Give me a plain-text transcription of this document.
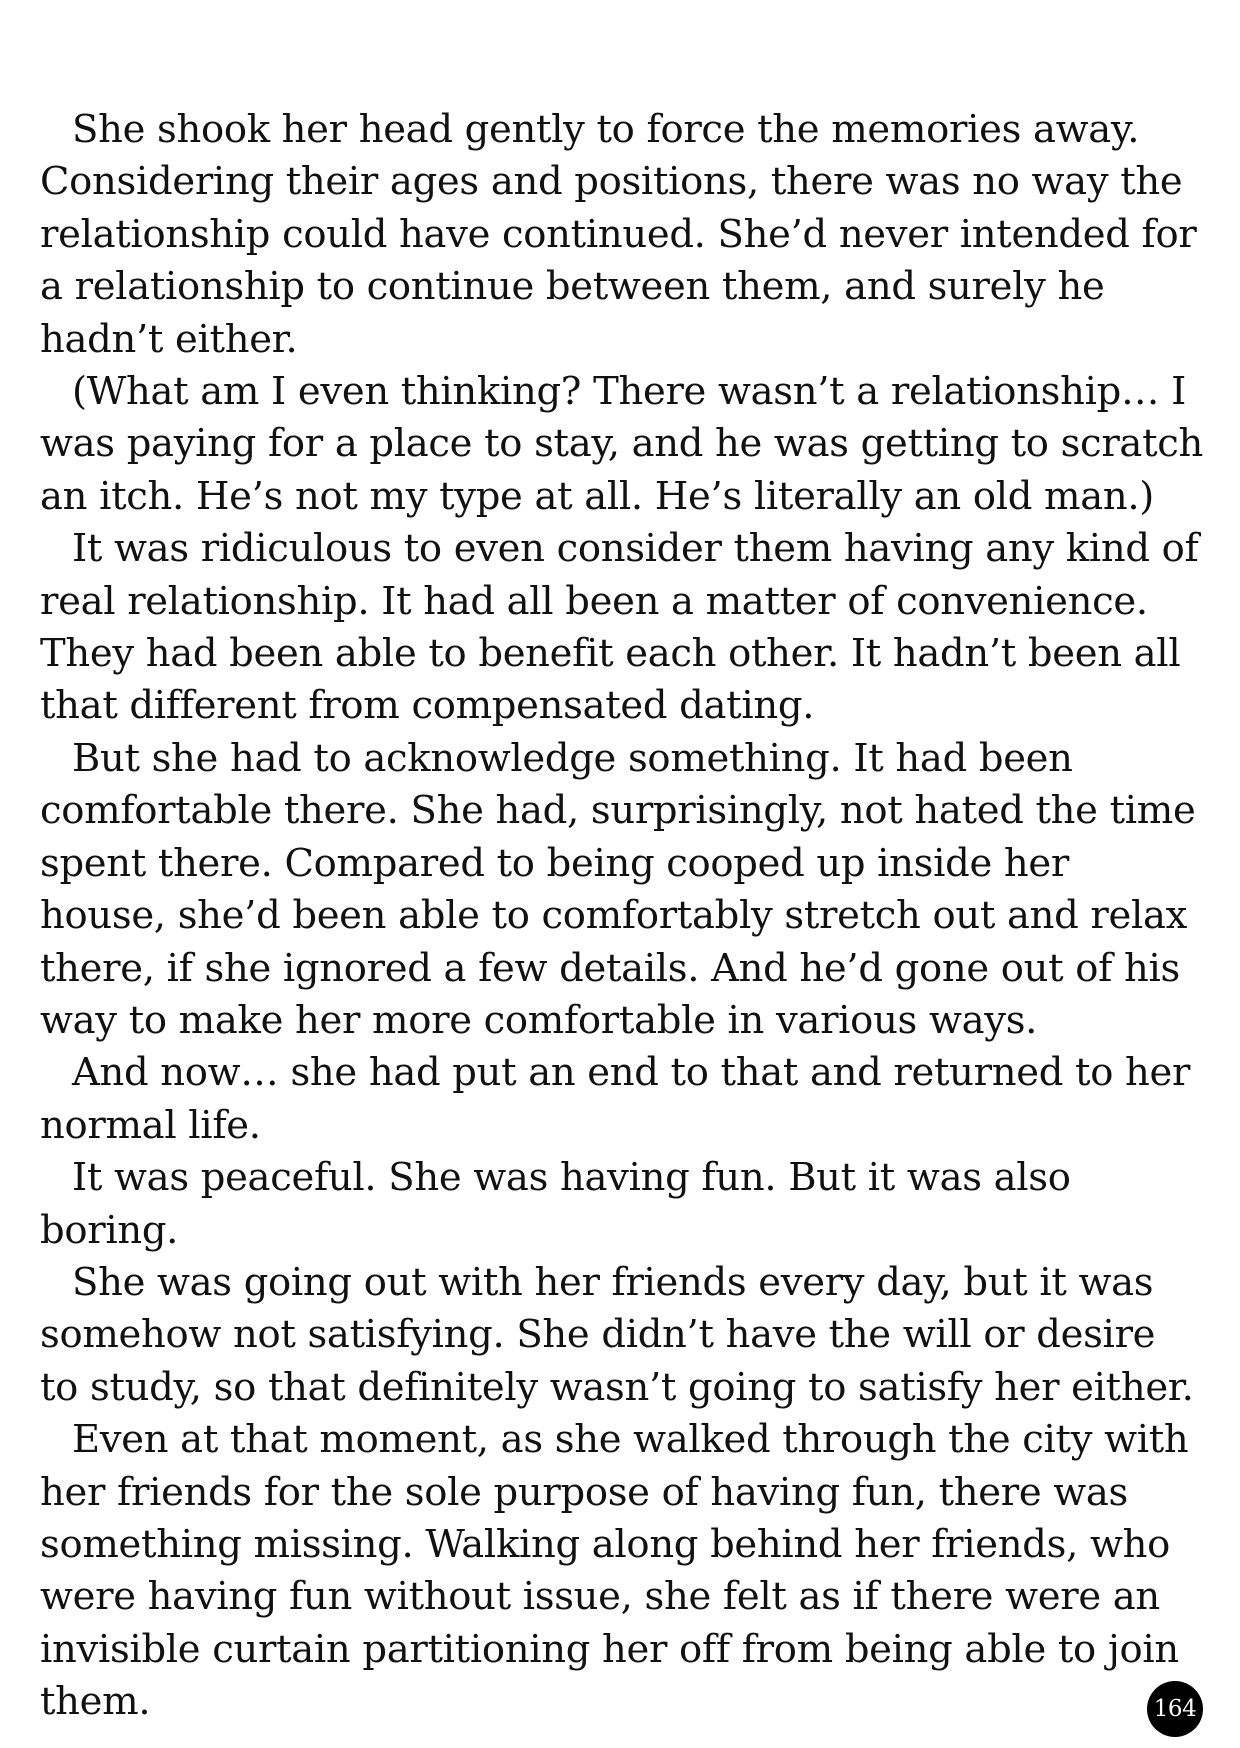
She shook her head gently to force the memories away. Considering their ages and positions, there was no way the relationship could have continued. She’d never intended for a relationship to continue between them, and surely he hadn’t either.

(What am I even thinking? There wasn’t a relationship… I was paying for a place to stay, and he was getting to scratch an itch. He’s not my type at all. He’s literally an old man.)

It was ridiculous to even consider them having any kind of real relationship. It had all been a matter of convenience. They had been able to benefit each other. It hadn’t been all that different from compensated dating.

But she had to acknowledge something. It had been comfortable there. She had, surprisingly, not hated the time spent there. Compared to being cooped up inside her house, she’d been able to comfortably stretch out and relax there, if she ignored a few details. And he’d gone out of his way to make her more comfortable in various ways.

And now… she had put an end to that and returned to her normal life.

It was peaceful. She was having fun. But it was also boring.

She was going out with her friends every day, but it was somehow not satisfying. She didn’t have the will or desire to study, so that definitely wasn’t going to satisfy her either.

Even at that moment, as she walked through the city with her friends for the sole purpose of having fun, there was something missing. Walking along behind her friends, who were having fun without issue, she felt as if there were an invisible curtain partitioning her off from being able to join them.	164
